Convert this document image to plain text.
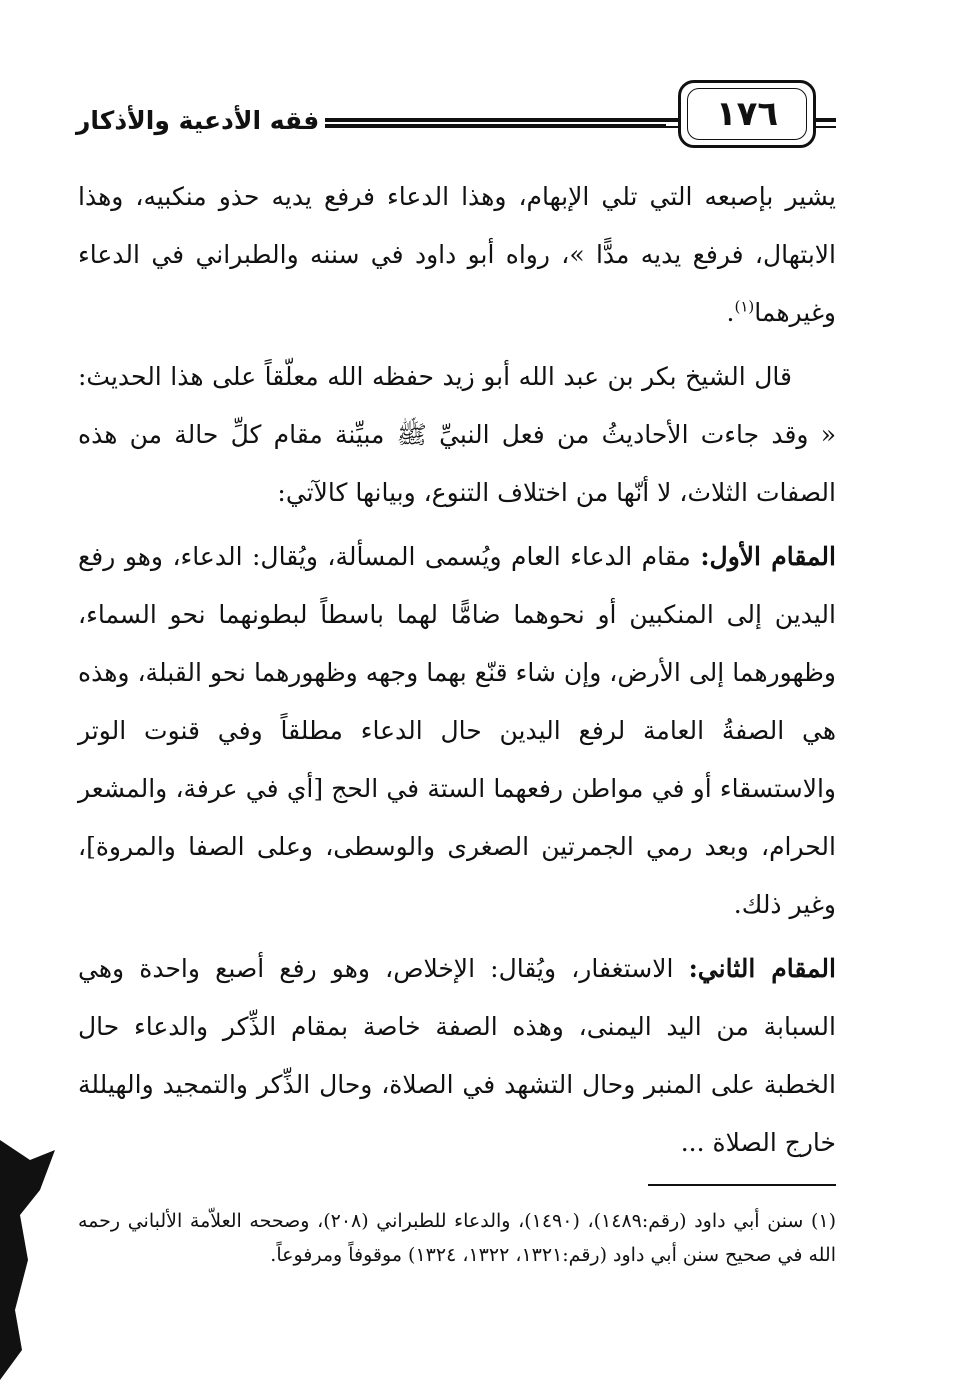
فقه الأدعية والأذكار	١٧٦

يشير بإصبعه التي تلي الإبهام، وهذا الدعاء فرفع يديه حذو منكبيه، وهذا الابتهال، فرفع يديه مدًّا »، رواه أبو داود في سننه والطبراني في الدعاء وغيرهما$^{(١)}$.

قال الشيخ بكر بن عبد الله أبو زيد حفظه الله معلّقاً على هذا الحديث: « وقد جاءت الأحاديثُ من فعل النبيِّ ﷺ مبيِّنة مقام كلِّ حالة من هذه الصفات الثلاث، لا أنّها من اختلاف التنوع، وبيانها كالآتي:

المقام الأول: مقام الدعاء العام ويُسمى المسألة، ويُقال: الدعاء، وهو رفع اليدين إلى المنكبين أو نحوهما ضامًّا لهما باسطاً لبطونهما نحو السماء، وظهورهما إلى الأرض، وإن شاء قنّع بهما وجهه وظهورهما نحو القبلة، وهذه هي الصفةُ العامة لرفع اليدين حال الدعاء مطلقاً وفي قنوت الوتر والاستسقاء أو في مواطن رفعهما الستة في الحج [أي في عرفة، والمشعر الحرام، وبعد رمي الجمرتين الصغرى والوسطى، وعلى الصفا والمروة]، وغير ذلك.

المقام الثاني: الاستغفار، ويُقال: الإخلاص، وهو رفع أصبع واحدة وهي السبابة من اليد اليمنى، وهذه الصفة خاصة بمقام الذِّكر والدعاء حال الخطبة على المنبر وحال التشهد في الصلاة، وحال الذِّكر والتمجيد والهيللة خارج الصلاة ...

(١) سنن أبي داود (رقم:١٤٨٩)، (١٤٩٠)، والدعاء للطبراني (٢٠٨)، وصححه العلاّمة الألباني رحمه الله في صحيح سنن أبي داود (رقم:١٣٢١، ١٣٢٢، ١٣٢٤) موقوفاً ومرفوعاً.
